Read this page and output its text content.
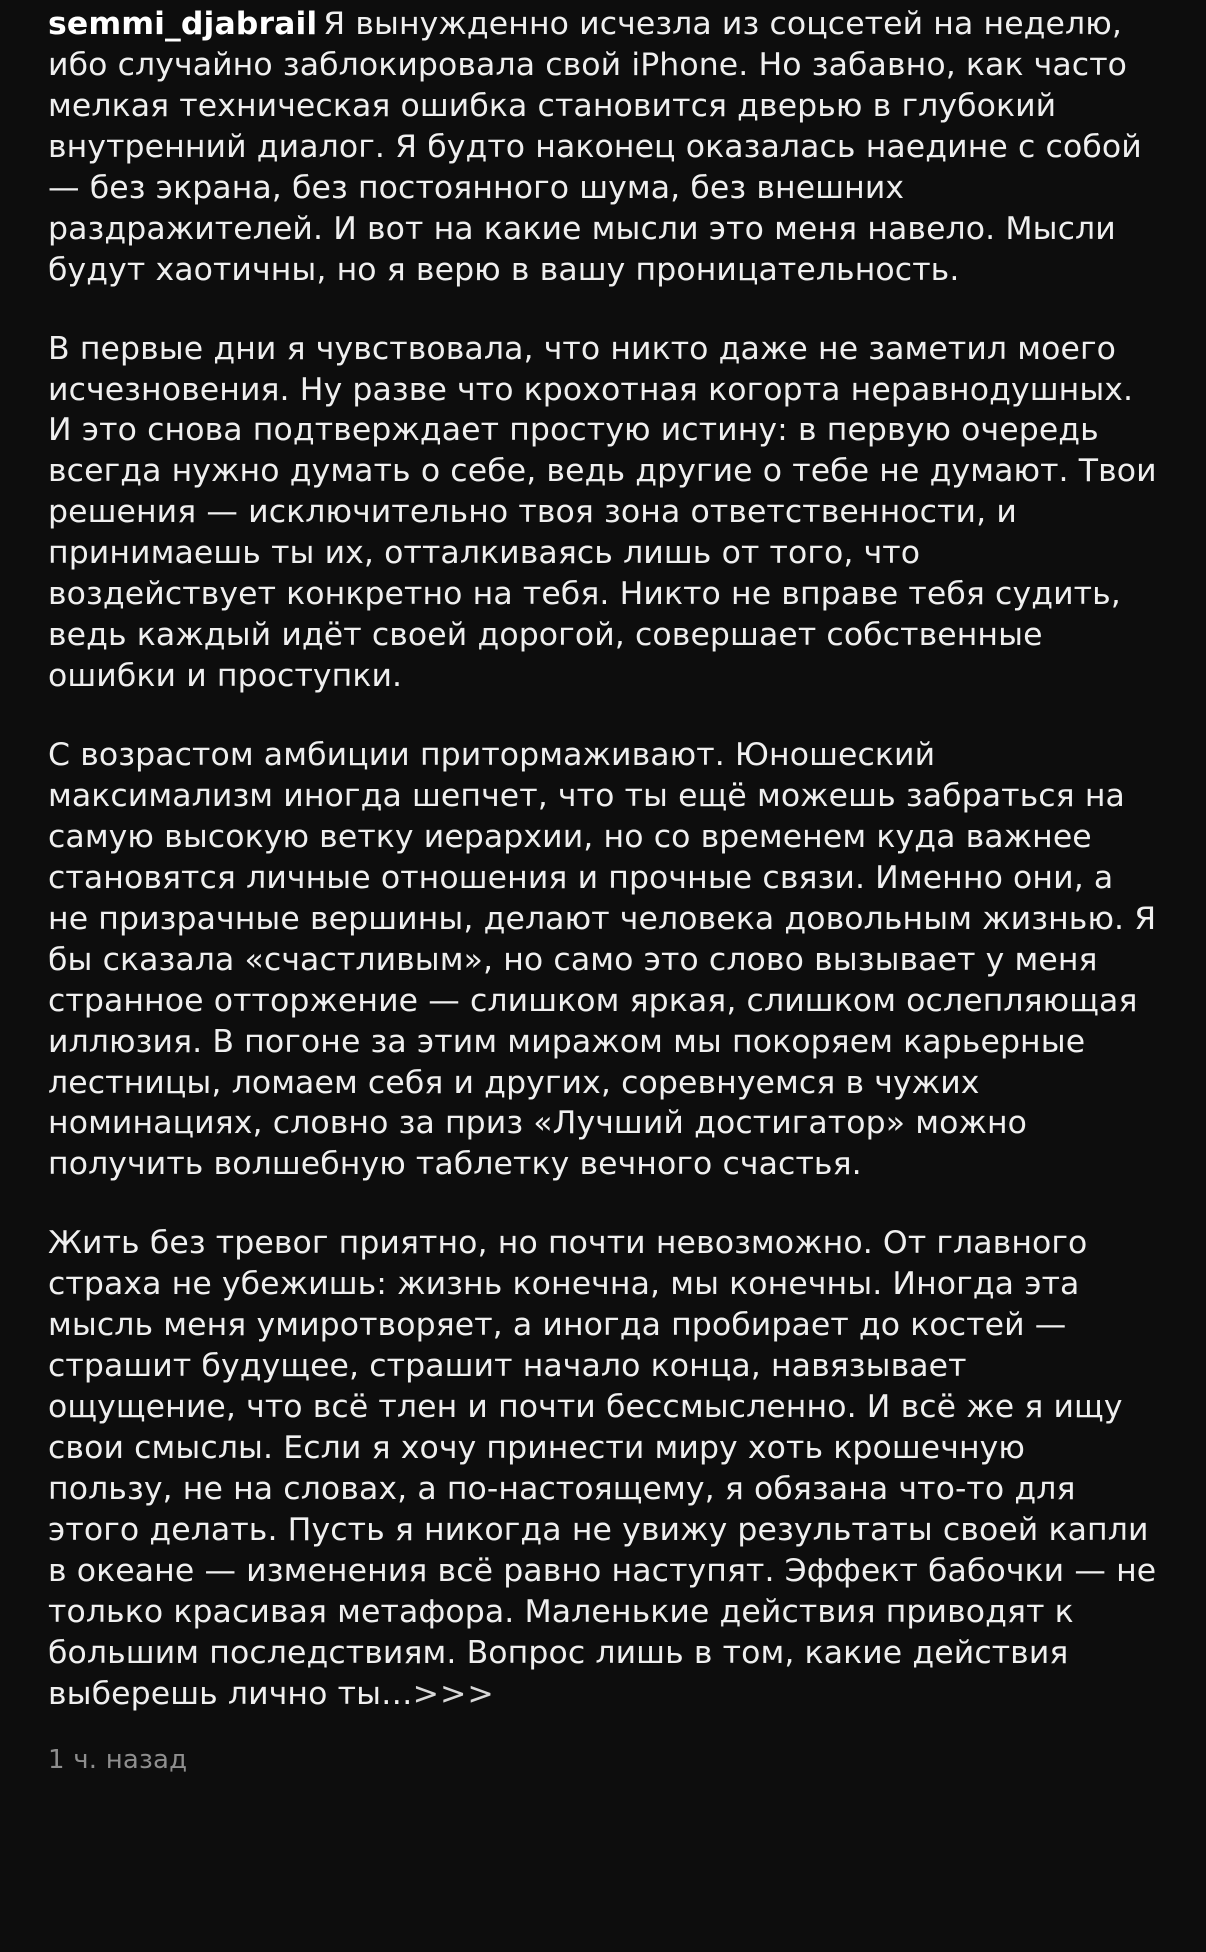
semmi_djabrail Я вынужденно исчезла из соцсетей на неделю, ибо случайно заблокировала свой iPhone. Но забавно, как часто мелкая техническая ошибка становится дверью в глубокий внутренний диалог. Я будто наконец оказалась наедине с собой — без экрана, без постоянного шума, без внешних раздражителей. И вот на какие мысли это меня навело. Мысли будут хаотичны, но я верю в вашу проницательность.

В первые дни я чувствовала, что никто даже не заметил моего исчезновения. Ну разве что крохотная когорта неравнодушных. И это снова подтверждает простую истину: в первую очередь всегда нужно думать о себе, ведь другие о тебе не думают. Твои решения — исключительно твоя зона ответственности, и принимаешь ты их, отталкиваясь лишь от того, что воздействует конкретно на тебя. Никто не вправе тебя судить, ведь каждый идёт своей дорогой, совершает собственные ошибки и проступки.

С возрастом амбиции притормаживают. Юношеский максимализм иногда шепчет, что ты ещё можешь забраться на самую высокую ветку иерархии, но со временем куда важнее становятся личные отношения и прочные связи. Именно они, а не призрачные вершины, делают человека довольным жизнью. Я бы сказала «счастливым», но само это слово вызывает у меня странное отторжение — слишком яркая, слишком ослепляющая иллюзия. В погоне за этим миражом мы покоряем карьерные лестницы, ломаем себя и других, соревнуемся в чужих номинациях, словно за приз «Лучший достигатор» можно получить волшебную таблетку вечного счастья.

Жить без тревог приятно, но почти невозможно. От главного страха не убежишь: жизнь конечна, мы конечны. Иногда эта мысль меня умиротворяет, а иногда пробирает до костей — страшит будущее, страшит начало конца, навязывает ощущение, что всё тлен и почти бессмысленно. И всё же я ищу свои смыслы. Если я хочу принести миру хоть крошечную пользу, не на словах, а по-настоящему, я обязана что-то для этого делать. Пусть я никогда не увижу результаты своей капли в океане — изменения всё равно наступят. Эффект бабочки — не только красивая метафора. Маленькие действия приводят к большим последствиям. Вопрос лишь в том, какие действия выберешь лично ты…>>>

1 ч. назад
